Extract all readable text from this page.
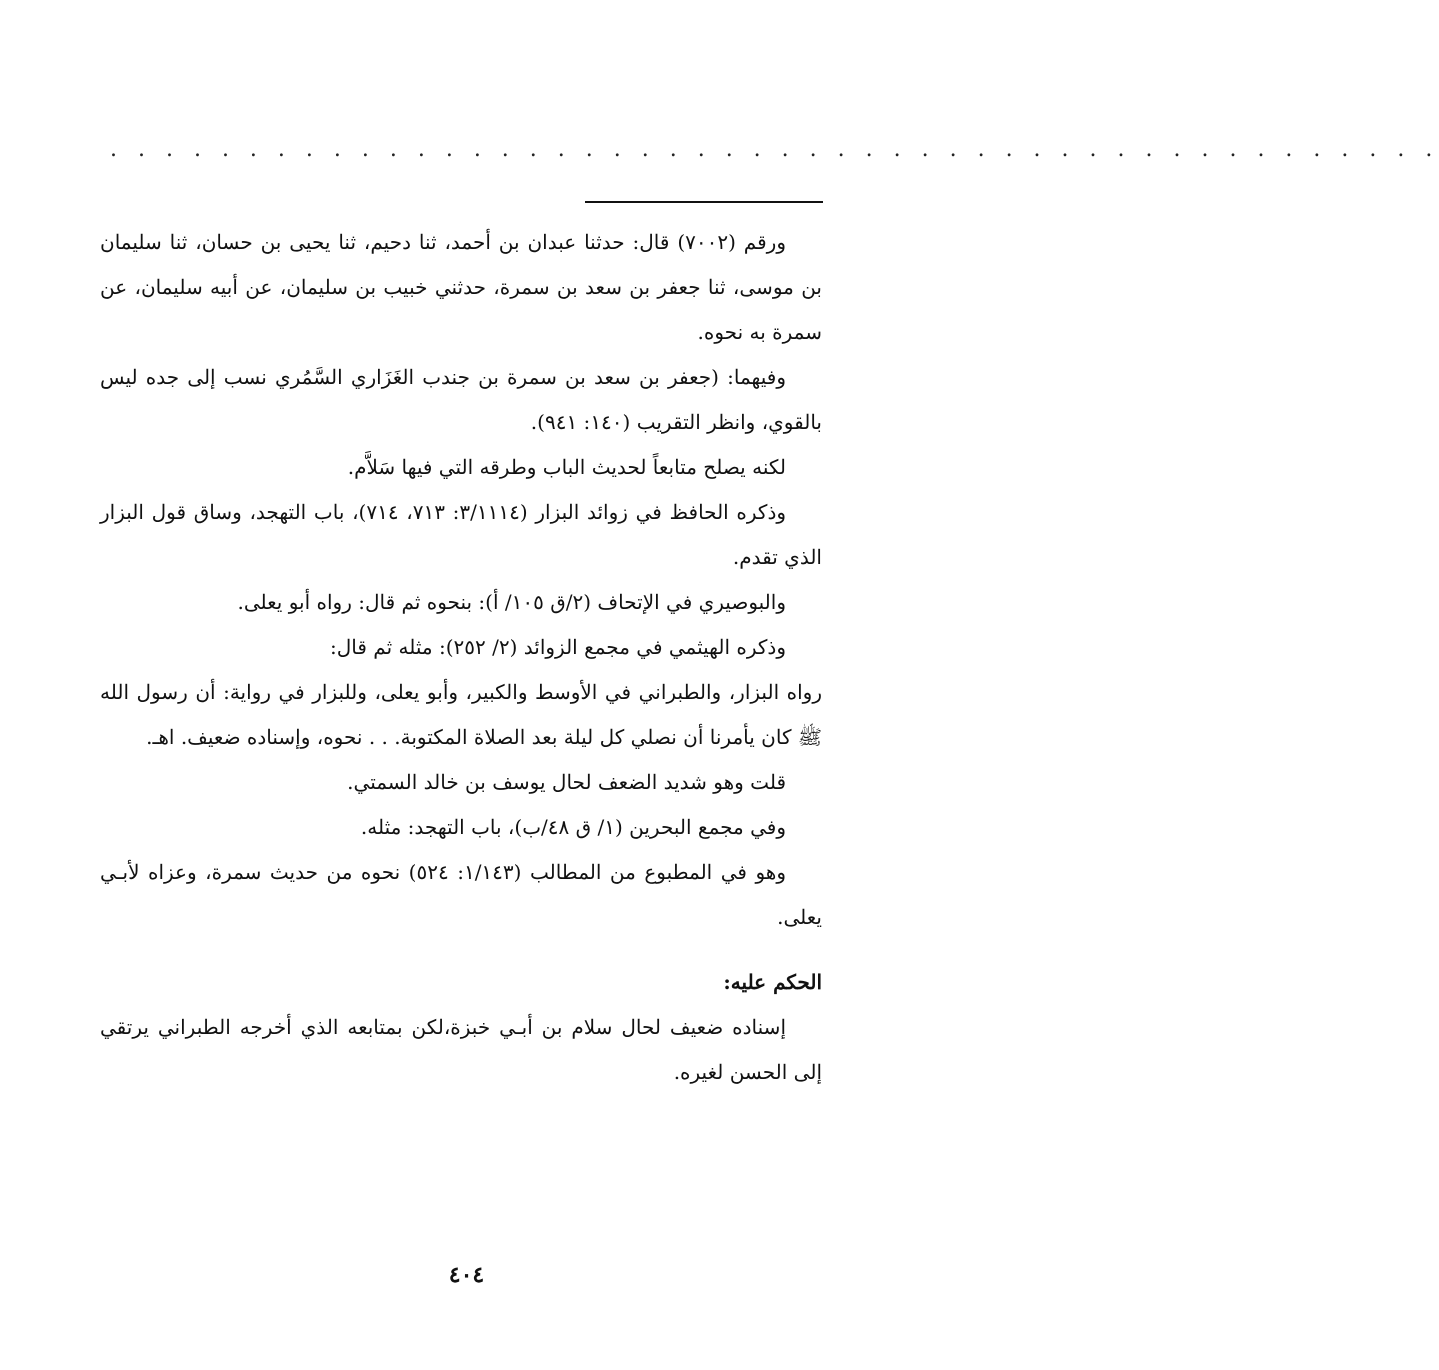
. . . . . . . . . . . . . . . . . . . . . . . . . . . . . . . . . . . . . . . . . . . . . . . .

ورقم (٧٠٠٢) قال: حدثنا عبدان بن أحمد، ثنا دحيم، ثنا يحيى بن حسان، ثنا سليمان بن موسى، ثنا جعفر بن سعد بن سمرة، حدثني خبيب بن سليمان، عن أبيه سليمان، عن سمرة به نحوه.

وفيهما: (جعفر بن سعد بن سمرة بن جندب الغَزَاري السَّمُري نسب إلى جده ليس بالقوي، وانظر التقريب (١٤٠: ٩٤١).

لكنه يصلح متابعاً لحديث الباب وطرقه التي فيها سَلاَّم.

وذكره الحافظ في زوائد البزار (٣/١١١٤: ٧١٣، ٧١٤)، باب التهجد، وساق قول البزار الذي تقدم.

والبوصيري في الإتحاف (٢/ق ١٠٥/ أ): بنحوه ثم قال: رواه أبو يعلى.

وذكره الهيثمي في مجمع الزوائد (٢/ ٢٥٢): مثله ثم قال:

رواه البزار، والطبراني في الأوسط والكبير، وأبو يعلى، وللبزار في رواية: أن رسول الله ﷺ كان يأمرنا أن نصلي كل ليلة بعد الصلاة المكتوبة. . . نحوه، وإسناده ضعيف. اهـ.

قلت وهو شديد الضعف لحال يوسف بن خالد السمتي.

وفي مجمع البحرين (١/ ق ٤٨/ب)، باب التهجد: مثله.

وهو في المطبوع من المطالب (١/١٤٣: ٥٢٤) نحوه من حديث سمرة، وعزاه لأبـي يعلى.

الحكم عليه:

إسناده ضعيف لحال سلام بن أبـي خبزة،لكن بمتابعه الذي أخرجه الطبراني يرتقي إلى الحسن لغيره.

٤٠٤
